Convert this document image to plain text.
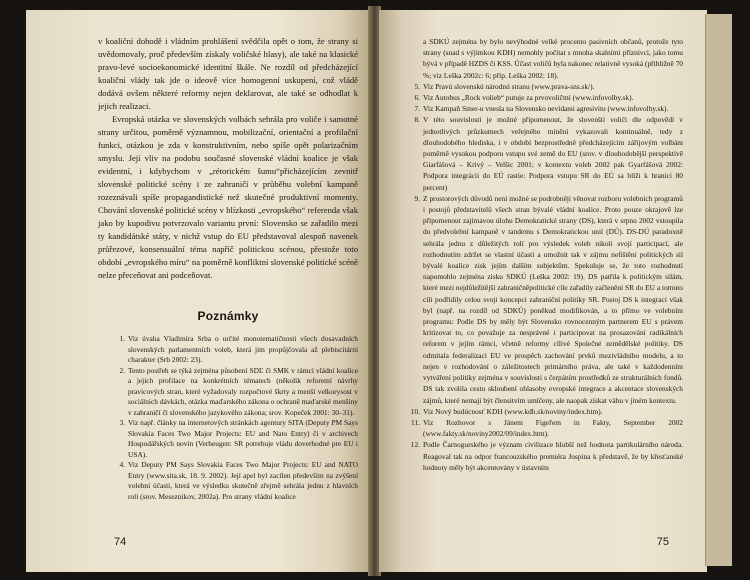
v koaliční dohodě i vládním prohlášení svědčila opět o tom, že strany si uvědomovaly, proč především získaly voličské hlasy), ale také na klasické pravo-levé socioekonomické identitní škále. Ne rozdíl od předcházející koaliční vlády tak jde o ideově více homogenní uskupení, což vládě dodává ovšem některé reformy nejen deklarovat, ale také se odhodlat k jejich realizaci.

Evropská otázka ve slovenských volbách sehrála pro voliče i samotné strany určitou, poměrně významnou, mobilizační, orientační a profilační funkci, otázkou je zda v konstruktivním, nebo spíše opět polarizačním smyslu. Její vliv na podobu současné slovenské vládní koalice je však evidentní, i kdybychom v „rétorickém šumu“přicházejícím zevnitř slovenské politické scény i ze zahraničí v průběhu volební kampaně rozeznávali spíše propagandistické než skutečné produktivní momenty. Chování slovenské politické scény v blízkosti „evropského“ referenda však jako by kupodivu potvrzovalo variantu první: Slovensko se zařadilo mezi ty kandidátské státy, v nichž vstup do EU představoval alespoň navenek průřezové, konsensuální téma napříč politickou scénou, přestože toto období „evropského míru“ na poměrně konfliktní slovenské politické scéně nelze přeceňovat ani podceňovat.

Poznámky
1. Viz úvaha Vladimíra Srba o určité monotematičnosti všech dosavadních slovenských parlamentních voleb, která jim propůjčovala až plebiscitární charakter (Srb 2002: 23).
2. Tento postřeh se týká zejména působení SDĽ či SMK v rámci vládní koalice a jejich profilace na konkrétních tématech (několik reforemí návrhy pravicových stran, které vyžadovaly rozpočtové škrty a menší velkorysost v sociálních dávkách, otázka maďarského zákona o ochraně maďarské menšiny v zahraničí či slovenského jazykového zákona; srov. Kopeček 2001: 30–31).
3. Viz např. články na internetových stránkách agentury SITA (Deputy PM Says Slovakia Faces Two Major Projects: EU and Nato Entry) či v archivech Hospodářských novin (Verheugen: SR potrebuje vládu doverhodné pre EU i USA).
4. Viz Deputy PM Says Slovakia Faces Two Major Projects: EU and NATO Entry (www.sita.sk, 18. 9. 2002). Její apel byl zacílen především na zvýšení volební účasti, která ve výsledku skutečně zřejmě sehrála jednu z hlavních rolí (srov. Meseznikov, 2002a). Pro strany vládní koalice
74
a SDKÚ zejména by bylo nevýhodné velké procento pasivních občanů, protože tyto strany (snad s výjimkou KDH) nemohly počítat s mnoha skalními příznivci, jako tomu bývá v případě HZDS či KSS. Účast voličů byla nakonec relativně vysoká (přibližně 70 %; viz Leška 2002c: 6; příp. Leška 2002: 18).
5. Viz Pravú slovenskú národnú stranu (www.prava-sns.sk/).
6. Viz Autobus „Rock volieb“ putuje za prvovoličmi (www.infovolby.sk).
7. Viz Kampaň Smer-u vnesla na Slovensko nevídanú agresivitu (www.infovolby.sk).
8. V této souvislosti je možné připomenout, že slovenští voliči dle odpovědí v jednotlivých průzkumech veřejného mínění vykazovali kontinuálně, tedy z dlouhodobého hlediska, i v období bezprostředně předcházejícím zářijovým volbám poměrně vysokou podporu vstupu své země do EU (srov. v dlouhodobější perspektivě Giarfášová – Krivý – Velšic 2001; v kontextu voleb 2002 pak Gyarfášová 2002: Podpora integrácii do EÚ rastie: Podpora vstupu SR do EÚ sa blíži k hranici 80 percent)
9. Z prostorových důvodů není možné se podrobněji věnovat rozboru volebních programů i postojů představitelů všech stran bývalé vládní koalice. Proto pouze okrajově lze připomenout zajímavou úlohu Demokratické strany (DS), která v srpnu 2002 vstoupila do předvolební kampaně v tandemu s Demokratickou unií (DÚ). DS-DÚ paradoxně sehrála jednu z důležitých rolí pro výsledek voleb nikoli svojí participací, ale rozhodnutím zdržet se vlastní účasti a umožnit tak v zájmu nefištění politických sil bývalé koalice zisk jejím dalším subjektům. Spekuluje se, že toto rozhodnutí napomohlo zejména zisku SDKÚ (Leška 2002: 19). DS patřila k politickým silám, které mezi nejdůležitější zahraničněpolitické cíle zařadily začlenění SR do EU a tomuto cíli podřídily celou svoji koncepci zahraniční politiky SR. Postoj DS k integraci však byl (např. na rozdíl od SDKÚ) poněkud modifikován, a to přímo ve volebním programu: Podle DS by měly být Slovensko rovnocenným partnerem EU s právem kritizovat to, co považuje za nesprávné i participovat na prosazování radikálních reforem v jejím rámci, včetně reformy cílivé Společné zemědělské politiky. DS odmítala federalizaci EU ve prospěch zachování prvků mezivládního modelu, a to nejen v rozhodování o záležitostech primárního práva, ale také v každodenním vytváření politiky zejména v souvislosti s čerpáním prostředků ze strukturálních fondů. DS tak zvolila cestu skloubení ohlasoby evropské integrace a akcentace slovenských zájmů, které nemají být člensitvím umlčeny, ale naopak získat váhu v jiném kontextu.
10. Viz Nový budúcnosť KDH (www.kdh.sk/noviny/index.htm).
11. Viz Rozhovor s Jánem Figeľem in Fakty, September 2002 (www.fakty.sk/noviny2002/09/index.htm).
12. Podle Čarnogurského je význam civilizace hlubší než hodnota partikulárního národa. Reagoval tak na odpor francouzského premiéra Jospina k představě, že by křesťanské hodnoty měly být akcentovány v ústavním
75
